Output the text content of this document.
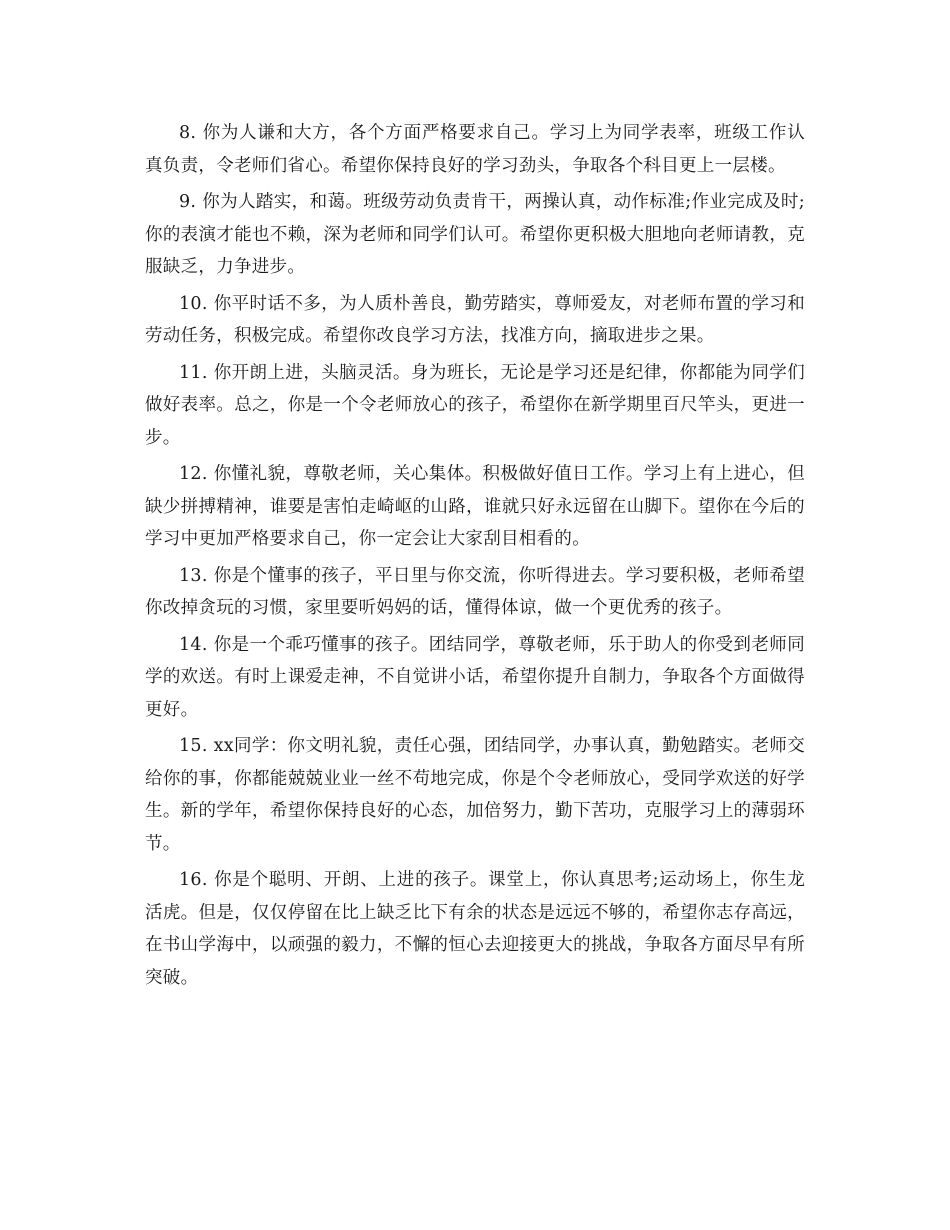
8. 你为人谦和大方，各个方面严格要求自己。学习上为同学表率，班级工作认真负责，令老师们省心。希望你保持良好的学习劲头，争取各个科目更上一层楼。

9. 你为人踏实，和蔼。班级劳动负责肯干，两操认真，动作标准;作业完成及时;你的表演才能也不赖，深为老师和同学们认可。希望你更积极大胆地向老师请教，克服缺乏，力争进步。

10. 你平时话不多，为人质朴善良，勤劳踏实，尊师爱友，对老师布置的学习和劳动任务，积极完成。希望你改良学习方法，找准方向，摘取进步之果。

11. 你开朗上进，头脑灵活。身为班长，无论是学习还是纪律，你都能为同学们做好表率。总之，你是一个令老师放心的孩子，希望你在新学期里百尺竿头，更进一步。

12. 你懂礼貌，尊敬老师，关心集体。积极做好值日工作。学习上有上进心，但缺少拼搏精神，谁要是害怕走崎岖的山路，谁就只好永远留在山脚下。望你在今后的学习中更加严格要求自己，你一定会让大家刮目相看的。

13. 你是个懂事的孩子，平日里与你交流，你听得进去。学习要积极，老师希望你改掉贪玩的习惯，家里要听妈妈的话，懂得体谅，做一个更优秀的孩子。

14. 你是一个乖巧懂事的孩子。团结同学，尊敬老师，乐于助人的你受到老师同学的欢送。有时上课爱走神，不自觉讲小话，希望你提升自制力，争取各个方面做得更好。

15. xx同学：你文明礼貌，责任心强，团结同学，办事认真，勤勉踏实。老师交给你的事，你都能兢兢业业一丝不苟地完成，你是个令老师放心，受同学欢送的好学生。新的学年，希望你保持良好的心态，加倍努力，勤下苦功，克服学习上的薄弱环节。

16. 你是个聪明、开朗、上进的孩子。课堂上，你认真思考;运动场上，你生龙活虎。但是，仅仅停留在比上缺乏比下有余的状态是远远不够的，希望你志存高远，在书山学海中，以顽强的毅力，不懈的恒心去迎接更大的挑战，争取各方面尽早有所突破。
